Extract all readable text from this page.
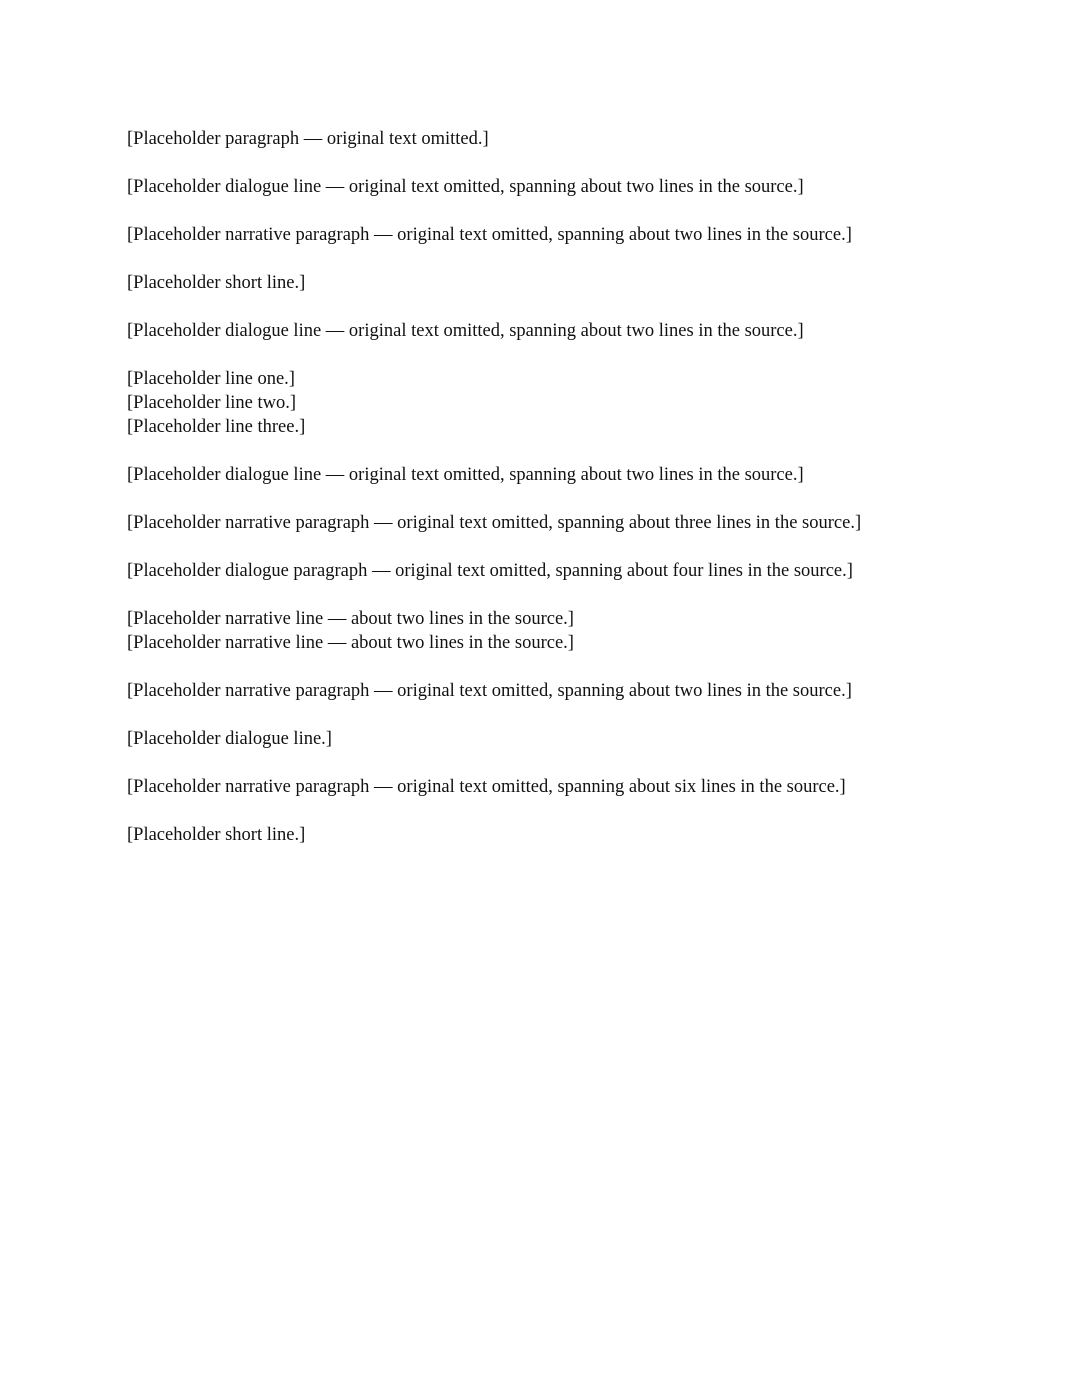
[Placeholder paragraph — original text omitted.]

[Placeholder dialogue line — original text omitted, spanning about two lines in the source.]

[Placeholder narrative paragraph — original text omitted, spanning about two lines in the source.]

[Placeholder short line.]

[Placeholder dialogue line — original text omitted, spanning about two lines in the source.]

[Placeholder line one.]
[Placeholder line two.]
[Placeholder line three.]

[Placeholder dialogue line — original text omitted, spanning about two lines in the source.]

[Placeholder narrative paragraph — original text omitted, spanning about three lines in the source.]

[Placeholder dialogue paragraph — original text omitted, spanning about four lines in the source.]

[Placeholder narrative line — about two lines in the source.]
[Placeholder narrative line — about two lines in the source.]

[Placeholder narrative paragraph — original text omitted, spanning about two lines in the source.]

[Placeholder dialogue line.]

[Placeholder narrative paragraph — original text omitted, spanning about six lines in the source.]

[Placeholder short line.]
